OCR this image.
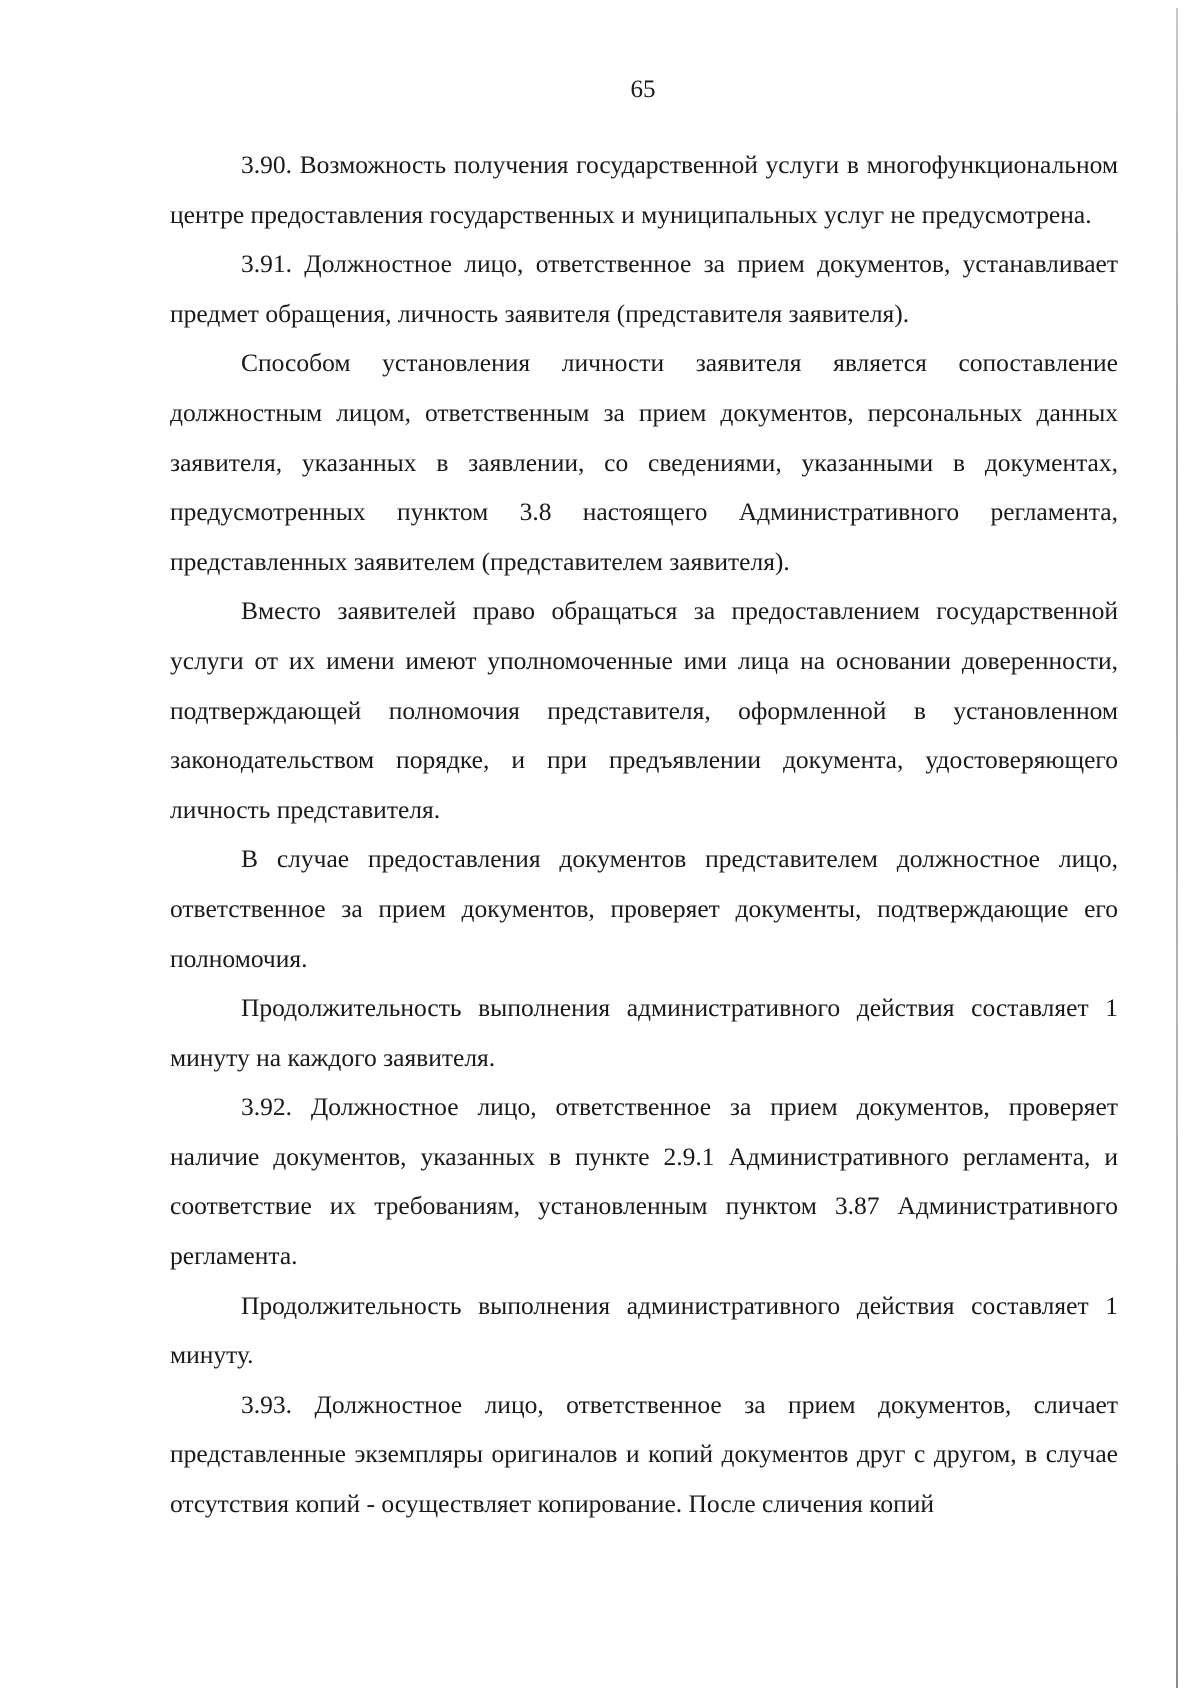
65

3.90. Возможность получения государственной услуги в многофункциональном центре предоставления государственных и муниципальных услуг не предусмотрена.

3.91. Должностное лицо, ответственное за прием документов, устанавливает предмет обращения, личность заявителя (представителя заявителя).

Способом установления личности заявителя является сопоставление должностным лицом, ответственным за прием документов, персональных данных заявителя, указанных в заявлении, со сведениями, указанными в документах, предусмотренных пунктом 3.8 настоящего Административного регламента, представленных заявителем (представителем заявителя).

Вместо заявителей право обращаться за предоставлением государственной услуги от их имени имеют уполномоченные ими лица на основании доверенности, подтверждающей полномочия представителя, оформленной в установленном законодательством порядке, и при предъявлении документа, удостоверяющего личность представителя.

В случае предоставления документов представителем должностное лицо, ответственное за прием документов, проверяет документы, подтверждающие его полномочия.

Продолжительность выполнения административного действия составляет 1 минуту на каждого заявителя.

3.92. Должностное лицо, ответственное за прием документов, проверяет наличие документов, указанных в пункте 2.9.1 Административного регламента, и соответствие их требованиям, установленным пунктом 3.87 Административного регламента.

Продолжительность выполнения административного действия составляет 1 минуту.

3.93. Должностное лицо, ответственное за прием документов, сличает представленные экземпляры оригиналов и копий документов друг с другом, в случае отсутствия копий - осуществляет копирование. После сличения копий
